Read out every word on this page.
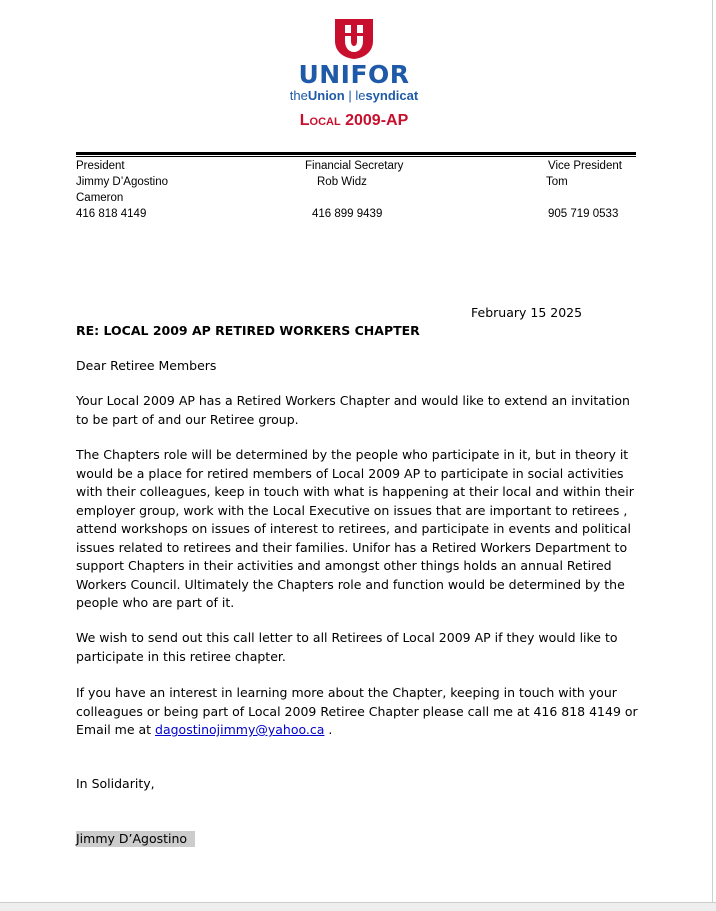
UNIFOR
theUnion | lesyndicat
Local 2009-AP
President
Jimmy D’Agostino
Cameron
416 818 4149
Financial Secretary
Rob Widz
416 899 9439
Vice President
Tom
905 719 0533
February 15 2025
RE: LOCAL 2009 AP RETIRED WORKERS CHAPTER
Dear Retiree Members

Your Local 2009 AP has a Retired Workers Chapter and would like to extend an invitation to be part of and our Retiree group.

The Chapters role will be determined by the people who participate in it, but in theory it would be a place for retired members of Local 2009 AP to participate in social activities with their colleagues, keep in touch with what is happening at their local and within their employer group, work with the Local Executive on issues that are important to retirees , attend workshops on issues of interest to retirees, and participate in events and political issues related to retirees and their families. Unifor has a Retired Workers Department to support Chapters in their activities and amongst other things holds an annual Retired Workers Council. Ultimately the Chapters role and function would be determined by the people who are part of it.

We wish to send out this call letter to all Retirees of Local 2009 AP if they would like to participate in this retiree chapter.

If you have an interest in learning more about the Chapter, keeping in touch with your colleagues or being part of Local 2009 Retiree Chapter please call me at 416 818 4149 or Email me at dagostinojimmy@yahoo.ca .

In Solidarity,
Jimmy D’Agostino
